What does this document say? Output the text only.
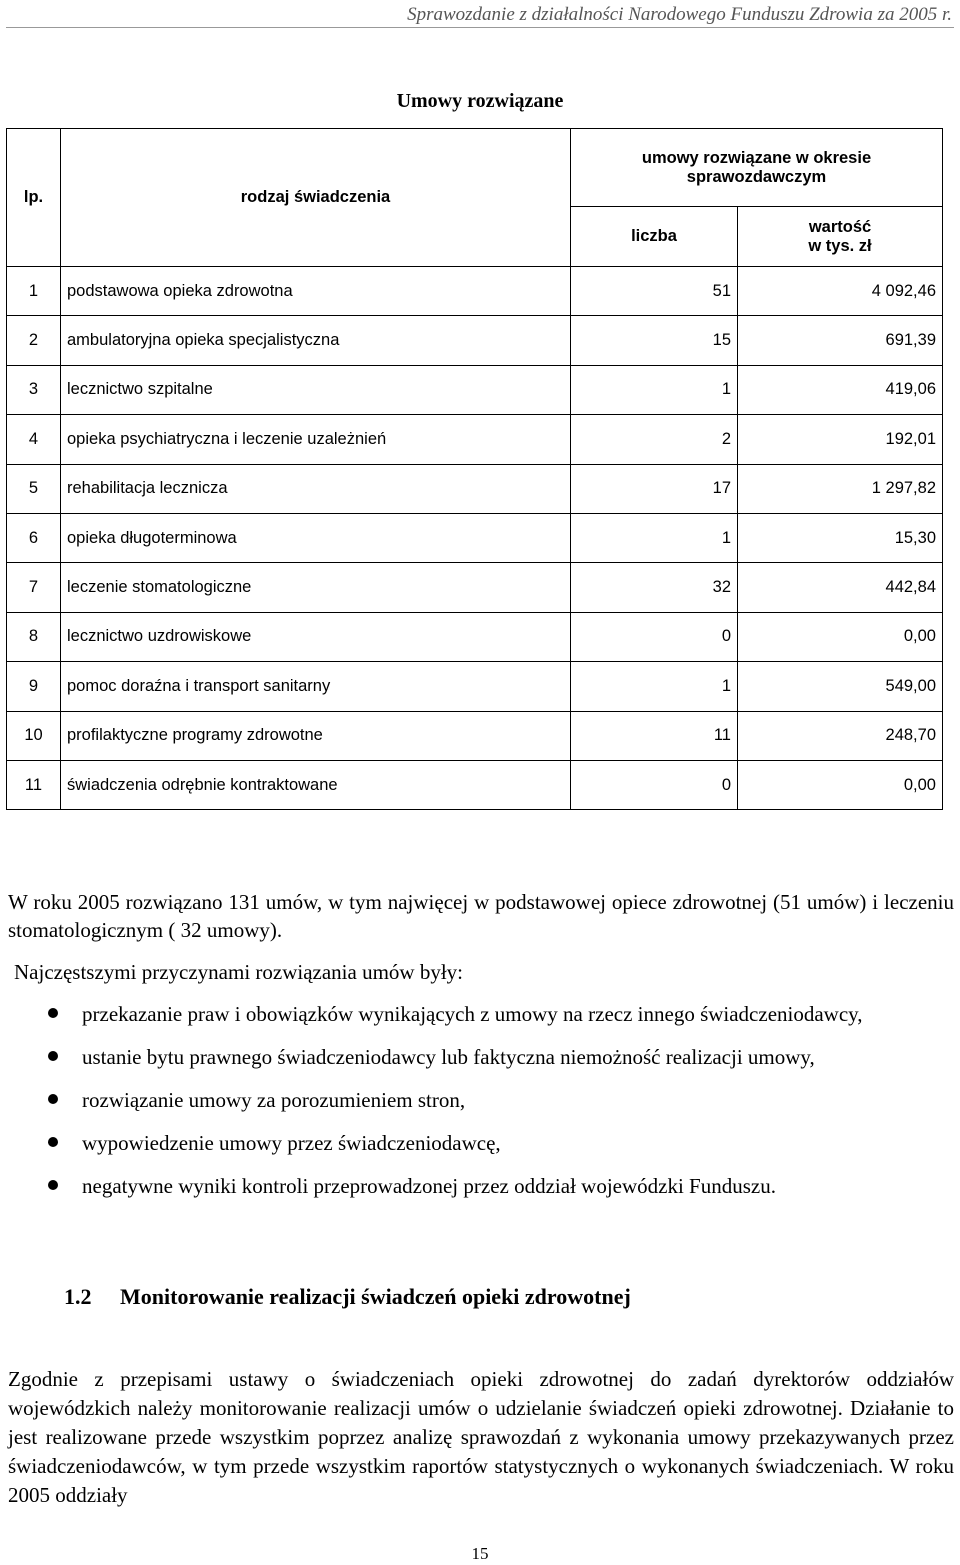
Sprawozdanie z działalności Narodowego Funduszu Zdrowia za 2005 r.
Umowy rozwiązane
lp.	rodzaj świadczenia	umowy rozwiązane w okresie sprawozdawczym	
		liczba	wartość
w tys. zł
1	podstawowa opieka zdrowotna	51	4 092,46
2	ambulatoryjna opieka specjalistyczna	15	691,39
3	lecznictwo szpitalne	1	419,06
4	opieka psychiatryczna i leczenie uzależnień	2	192,01
5	rehabilitacja lecznicza	17	1 297,82
6	opieka długoterminowa	1	15,30
7	leczenie stomatologiczne	32	442,84
8	lecznictwo uzdrowiskowe	0	0,00
9	pomoc doraźna i transport sanitarny	1	549,00
10	profilaktyczne programy zdrowotne	11	248,70
11	świadczenia odrębnie kontraktowane	0	0,00
W roku 2005 rozwiązano 131 umów, w tym najwięcej w podstawowej opiece zdrowotnej (51 umów) i leczeniu stomatologicznym ( 32 umowy).
Najczęstszymi przyczynami rozwiązania umów były:
przekazanie praw i obowiązków wynikających z umowy na rzecz innego świadczeniodawcy,
ustanie bytu prawnego świadczeniodawcy lub faktyczna niemożność realizacji umowy,
rozwiązanie umowy za porozumieniem stron,
wypowiedzenie umowy przez świadczeniodawcę,
negatywne wyniki kontroli przeprowadzonej przez oddział wojewódzki Funduszu.
1.2 Monitorowanie realizacji świadczeń opieki zdrowotnej
Zgodnie z przepisami ustawy o świadczeniach opieki zdrowotnej do zadań dyrektorów oddziałów wojewódzkich należy monitorowanie realizacji umów o udzielanie świadczeń opieki zdrowotnej. Działanie to jest realizowane przede wszystkim poprzez analizę sprawozdań z wykonania umowy przekazywanych przez świadczeniodawców, w tym przede wszystkim raportów statystycznych o wykonanych świadczeniach. W roku 2005 oddziały
15
